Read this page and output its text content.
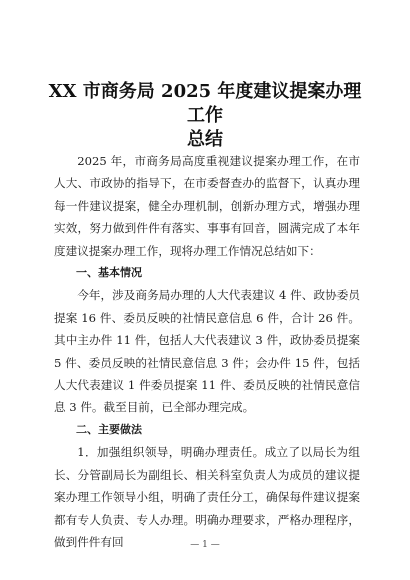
XX 市商务局 2025 年度建议提案办理工作
总结

2025 年，市商务局高度重视建议提案办理工作，在市人大、市政协的指导下，在市委督查办的监督下，认真办理每一件建议提案，健全办理机制，创新办理方式，增强办理实效，努力做到件件有落实、事事有回音，圆满完成了本年度建议提案办理工作，现将办理工作情况总结如下：

一、基本情况

今年，涉及商务局办理的人大代表建议 4 件、政协委员提案 16 件、委员反映的社情民意信息 6 件，合计 26 件。其中主办件 11 件，包括人大代表建议 3 件，政协委员提案 5 件、委员反映的社情民意信息 3 件；会办件 15 件，包括人大代表建议 1 件委员提案 11 件、委员反映的社情民意信息 3 件。截至目前，已全部办理完成。

二、主要做法

1．加强组织领导，明确办理责任。成立了以局长为组长、分管副局长为副组长、相关科室负责人为成员的建议提案办理工作领导小组，明确了责任分工，确保每件建议提案都有专人负责、专人办理。明确办理要求，严格办理程序，做到件件有回	— 1 —
